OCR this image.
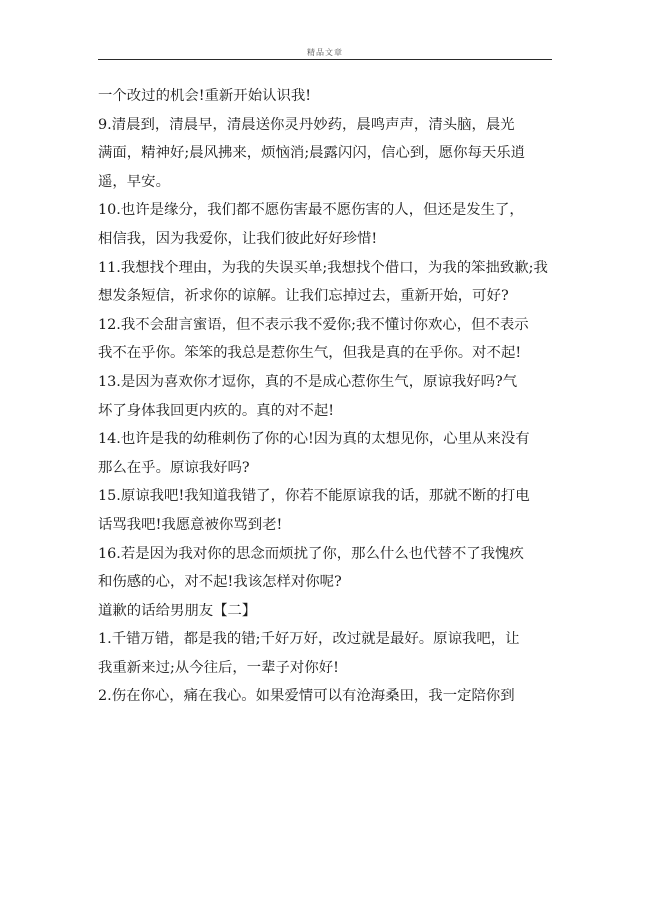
精品文章
一个改过的机会!重新开始认识我!
9.清晨到，清晨早，清晨送你灵丹妙药，晨鸣声声，清头脑，晨光
满面，精神好;晨风拂来，烦恼消;晨露闪闪，信心到，愿你每天乐逍
遥，早安。
10.也许是缘分，我们都不愿伤害最不愿伤害的人，但还是发生了，
相信我，因为我爱你，让我们彼此好好珍惜!
11.我想找个理由，为我的失误买单;我想找个借口，为我的笨拙致歉;我
想发条短信，祈求你的谅解。让我们忘掉过去，重新开始，可好?
12.我不会甜言蜜语，但不表示我不爱你;我不懂讨你欢心，但不表示
我不在乎你。笨笨的我总是惹你生气，但我是真的在乎你。对不起!
13.是因为喜欢你才逗你，真的不是成心惹你生气，原谅我好吗?气
坏了身体我回更内疚的。真的对不起!
14.也许是我的幼稚刺伤了你的心!因为真的太想见你，心里从来没有
那么在乎。原谅我好吗?
15.原谅我吧!我知道我错了，你若不能原谅我的话，那就不断的打电
话骂我吧!我愿意被你骂到老!
16.若是因为我对你的思念而烦扰了你，那么什么也代替不了我愧疚
和伤感的心，对不起!我该怎样对你呢?
道歉的话给男朋友【二】
1.千错万错，都是我的错;千好万好，改过就是最好。原谅我吧，让
我重新来过;从今往后，一辈子对你好!
2.伤在你心，痛在我心。如果爱情可以有沧海桑田，我一定陪你到
